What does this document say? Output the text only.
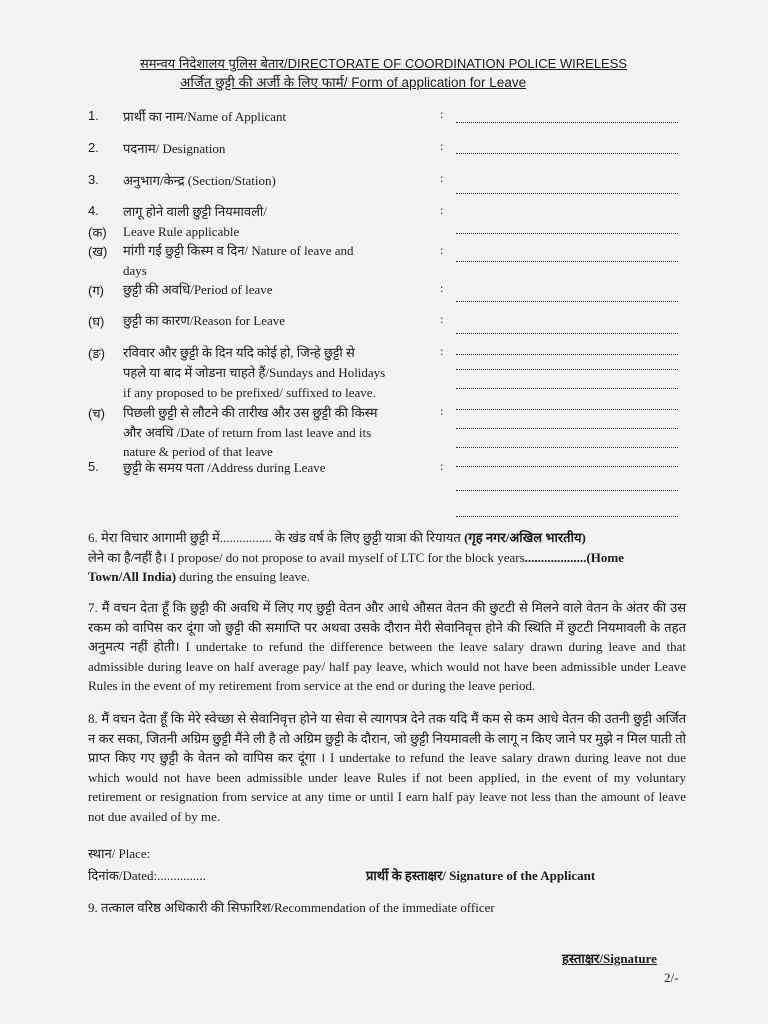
समन्वय निदेशालय पुलिस बेतार/DIRECTORATE OF COORDINATION POLICE WIRELESS
अर्जित छुट्टी की अर्जी के लिए फार्म/ Form of application for Leave
1. प्रार्थी का नाम/Name of Applicant	:
2. पदनाम/ Designation	:
3. अनुभाग/केन्द्र (Section/Station)	:
4. लागू होने वाली छुट्टी नियमावली/	:
(क) Leave Rule applicable
(ख) मांगी गई छुट्टी किस्म व दिन/ Nature of leave and	:
days
(ग) छुट्टी की अवधि/Period of leave	:
(घ) छुट्टी का कारण/Reason for Leave	:
(ङ) रविवार और छुट्टी के दिन यदि कोई हो, जिन्हे छुट्टी से	:
पहले या बाद में जोडना चाहते हैं/Sundays and Holidays
if any proposed to be prefixed/ suffixed to leave.
(च) पिछली छुट्टी से लौटने की तारीख और उस छुट्टी की किस्म	:
और अवधि /Date of return from last leave and its
nature & period of that leave
5. छुट्टी के समय पता /Address during Leave	:
6. मेरा विचार आगामी छुट्टी में................ के खंड वर्ष के लिए छुट्टी यात्रा की रियायत (गृह नगर/अखिल भारतीय)
लेने का है/नहीं है। I propose/ do not propose to avail myself of LTC for the block years...................(Home
Town/All India) during the ensuing leave.
7. मैं वचन देता हूँ कि छुट्टी की अवधि में लिए गए छुट्टी वेतन और आधे औसत वेतन की छुटटी से मिलने वाले वेतन के अंतर की उस रकम को वापिस कर दूंगा जो छुट्टी की समाप्ति पर अथवा उसके दौरान मेरी सेवानिवृत्त होने की स्थिति में छुटटी नियमावली के तहत अनुमत्य नहीं होती। I undertake to refund the difference between the leave salary drawn during leave and that admissible during leave on half average pay/ half pay leave, which would not have been admissible under Leave Rules in the event of my retirement from service at the end or during the leave period.
8. मैं वचन देता हूँ कि मेरे स्वेच्छा से सेवानिवृत्त होने या सेवा से त्यागपत्र देने तक यदि मैं कम से कम आधे वेतन की उतनी छुट्टी अर्जित न कर सका, जितनी अग्रिम छुट्टी मैंने ली है तो अग्रिम छुट्टी के दौरान, जो छुट्टी नियमावली के लागू न किए जाने पर मुझे न मिल पाती तो प्राप्त किए गए छुट्टी के वेतन को वापिस कर दूंगा । I undertake to refund the leave salary drawn during leave not due which would not have been admissible under leave Rules if not been applied, in the event of my voluntary retirement or resignation from service at any time or until I earn half pay leave not less than the amount of leave not due availed of by me.
स्थान/ Place:
दिनांक/Dated:...............	प्रार्थी के हस्ताक्षर/ Signature of the Applicant
9. तत्काल वरिष्ठ अधिकारी की सिफारिश/Recommendation of the immediate officer
हस्ताक्षर/Signature
2/-
